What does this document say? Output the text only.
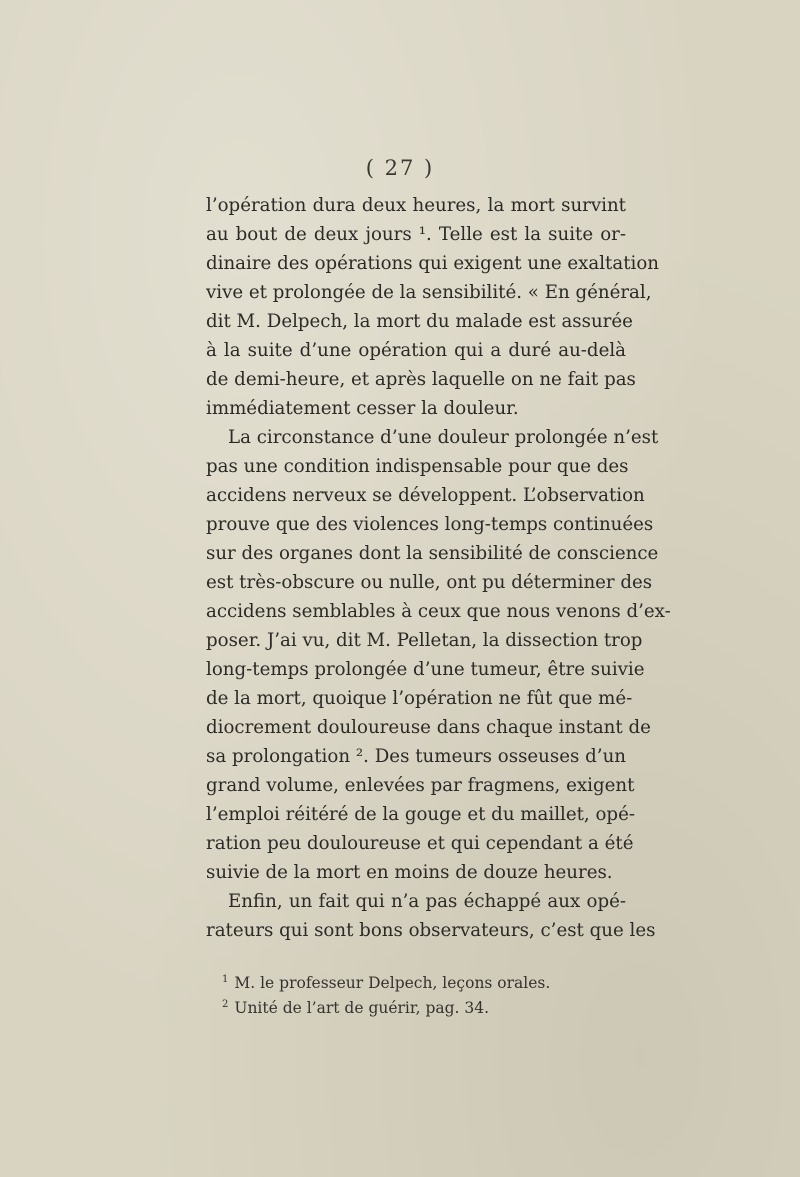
( 27 )
l’opération dura deux heures, la mort survint
au bout de deux jours ¹. Telle est la suite or-
dinaire des opérations qui exigent une exaltation
vive et prolongée de la sensibilité. « En général,
dit M. Delpech, la mort du malade est assurée
à la suite d’une opération qui a duré au-delà
de demi-heure, et après laquelle on ne fait pas
immédiatement cesser la douleur.
La circonstance d’une douleur prolongée n’est
pas une condition indispensable pour que des
accidens nerveux se développent. L’observation
prouve que des violences long-temps continuées
sur des organes dont la sensibilité de conscience
est très-obscure ou nulle, ont pu déterminer des
accidens semblables à ceux que nous venons d’ex-
poser. J’ai vu, dit M. Pelletan, la dissection trop
long-temps prolongée d’une tumeur, être suivie
de la mort, quoique l’opération ne fût que mé-
diocrement douloureuse dans chaque instant de
sa prolongation ². Des tumeurs osseuses d’un
grand volume, enlevées par fragmens, exigent
l’emploi réitéré de la gouge et du maillet, opé-
ration peu douloureuse et qui cependant a été
suivie de la mort en moins de douze heures.
Enfin, un fait qui n’a pas échappé aux opé-
rateurs qui sont bons observateurs, c’est que les
$^1$ M. le professeur Delpech, leçons orales.
$^2$ Unité de l’art de guérir, pag. 34.
